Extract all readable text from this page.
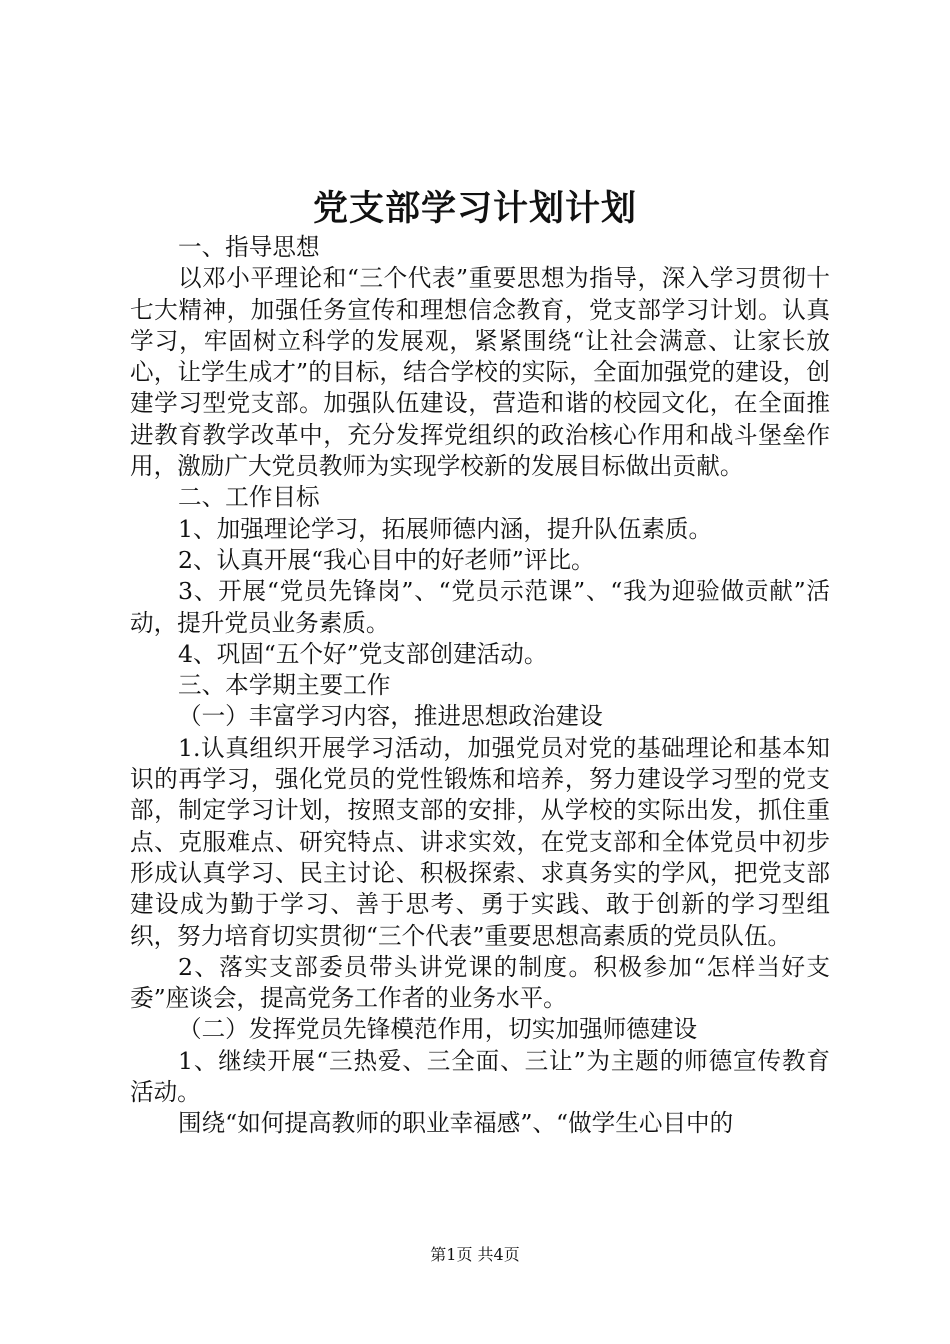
党支部学习计划计划

一、指导思想

以邓小平理论和“三个代表”重要思想为指导，深入学习贯彻十七大精神，加强任务宣传和理想信念教育，党支部学习计划。认真学习，牢固树立科学的发展观，紧紧围绕“让社会满意、让家长放心，让学生成才”的目标，结合学校的实际，全面加强党的建设，创建学习型党支部。加强队伍建设，营造和谐的校园文化，在全面推进教育教学改革中，充分发挥党组织的政治核心作用和战斗堡垒作用，激励广大党员教师为实现学校新的发展目标做出贡献。

二、工作目标

1、加强理论学习，拓展师德内涵，提升队伍素质。

2、认真开展“我心目中的好老师”评比。

3、开展“党员先锋岗”、“党员示范课”、“我为迎验做贡献”活动，提升党员业务素质。

4、巩固“五个好”党支部创建活动。

三、本学期主要工作

（一）丰富学习内容，推进思想政治建设

1.认真组织开展学习活动，加强党员对党的基础理论和基本知识的再学习，强化党员的党性锻炼和培养，努力建设学习型的党支部，制定学习计划，按照支部的安排，从学校的实际出发，抓住重点、克服难点、研究特点、讲求实效，在党支部和全体党员中初步形成认真学习、民主讨论、积极探索、求真务实的学风，把党支部建设成为勤于学习、善于思考、勇于实践、敢于创新的学习型组织，努力培育切实贯彻“三个代表”重要思想高素质的党员队伍。

2、落实支部委员带头讲党课的制度。积极参加“怎样当好支委”座谈会，提高党务工作者的业务水平。

（二）发挥党员先锋模范作用，切实加强师德建设

1、继续开展“三热爱、三全面、三让”为主题的师德宣传教育活动。

围绕“如何提高教师的职业幸福感”、“做学生心目中的

第1页 共4页
